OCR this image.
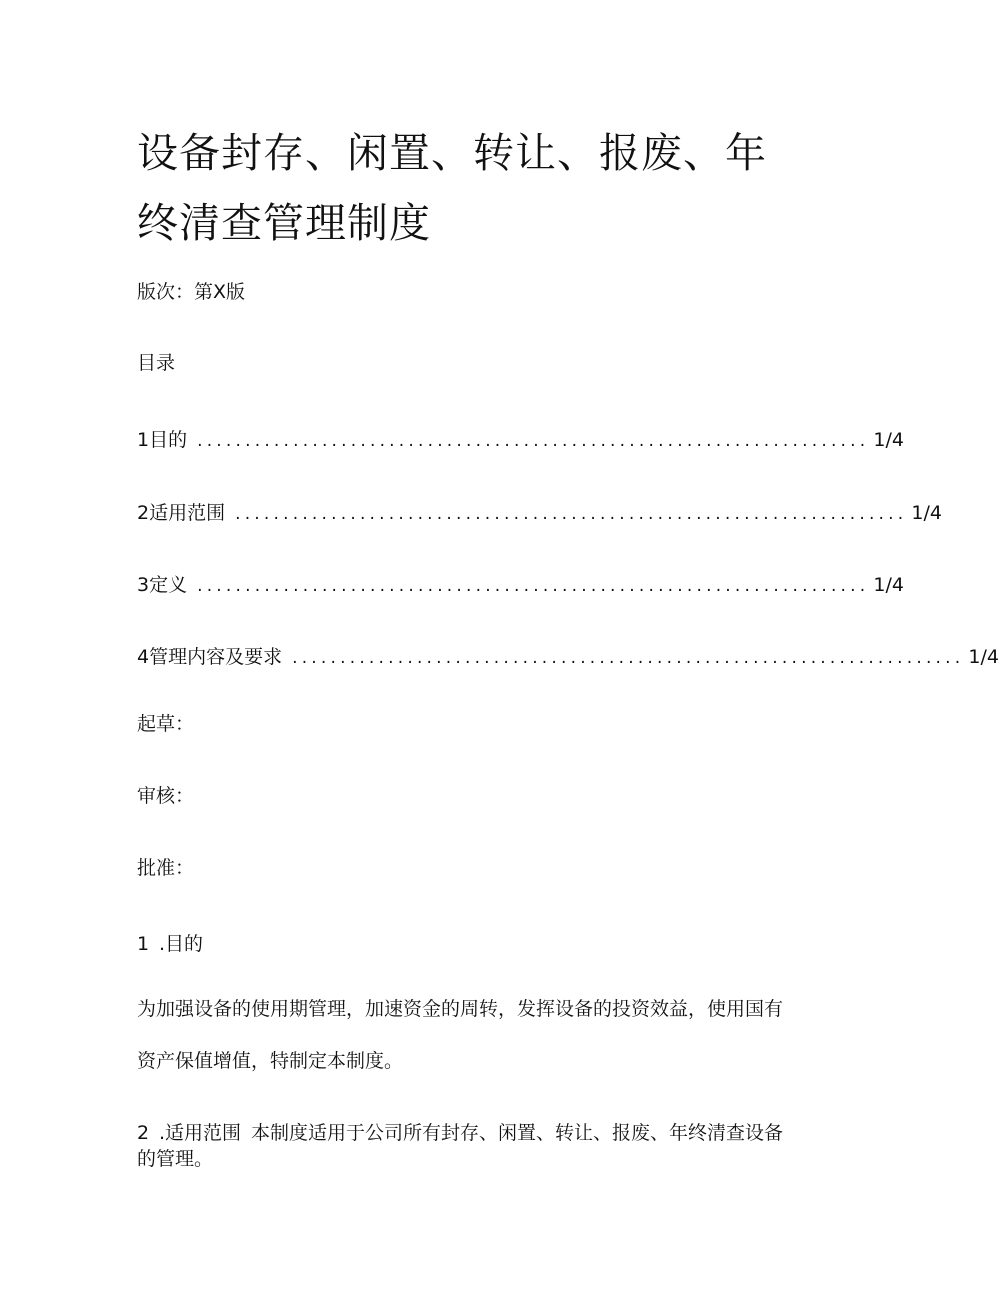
设备封存、闲置、转让、报废、年终清查管理制度

版次：第X版

目录

1目的 ...................................................................... 1/4
2适用范围 ...................................................................... 1/4
3定义 ...................................................................... 1/4
4管理内容及要求 ...................................................................... 1/4

起草：

审核：

批准：

1 .目的

为加强设备的使用期管理，加速资金的周转，发挥设备的投资效益，使用国有资产保值增值，特制定本制度。

2 .适用范围 本制度适用于公司所有封存、闲置、转让、报废、年终清查设备的管理。
